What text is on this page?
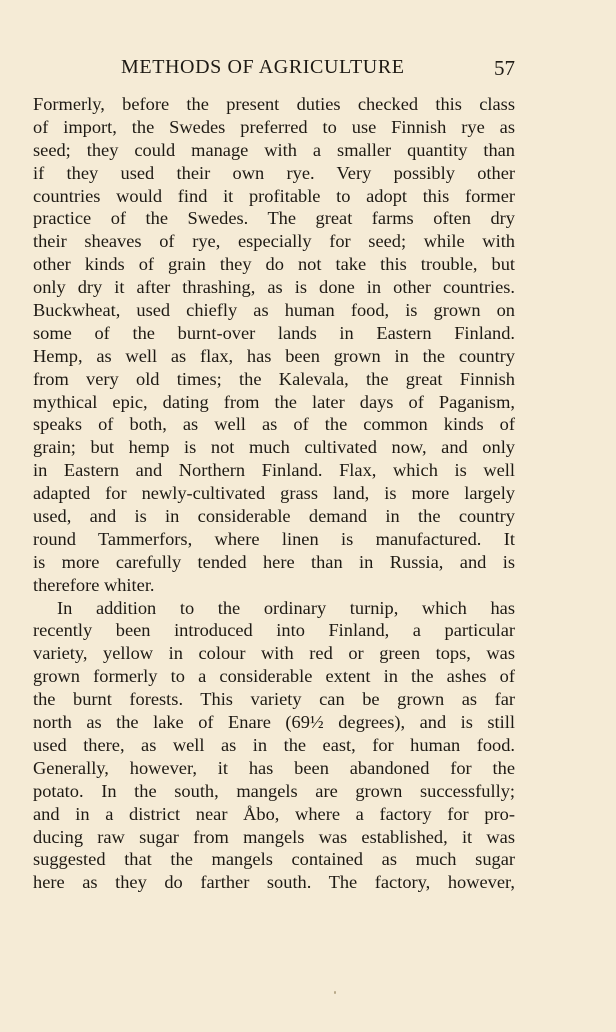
METHODS OF AGRICULTURE	57
Formerly, before the present duties checked this class
of import, the Swedes preferred to use Finnish rye as
seed; they could manage with a smaller quantity than
if they used their own rye. Very possibly other
countries would find it profitable to adopt this former
practice of the Swedes. The great farms often dry
their sheaves of rye, especially for seed; while with
other kinds of grain they do not take this trouble, but
only dry it after thrashing, as is done in other countries.
Buckwheat, used chiefly as human food, is grown on
some of the burnt-over lands in Eastern Finland.
Hemp, as well as flax, has been grown in the country
from very old times; the Kalevala, the great Finnish
mythical epic, dating from the later days of Paganism,
speaks of both, as well as of the common kinds of
grain; but hemp is not much cultivated now, and only
in Eastern and Northern Finland. Flax, which is well
adapted for newly-cultivated grass land, is more largely
used, and is in considerable demand in the country
round Tammerfors, where linen is manufactured. It
is more carefully tended here than in Russia, and is
therefore whiter.
In addition to the ordinary turnip, which has
recently been introduced into Finland, a particular
variety, yellow in colour with red or green tops, was
grown formerly to a considerable extent in the ashes of
the burnt forests. This variety can be grown as far
north as the lake of Enare (69½ degrees), and is still
used there, as well as in the east, for human food.
Generally, however, it has been abandoned for the
potato. In the south, mangels are grown successfully;
and in a district near Åbo, where a factory for pro-
ducing raw sugar from mangels was established, it was
suggested that the mangels contained as much sugar
here as they do farther south. The factory, however,
